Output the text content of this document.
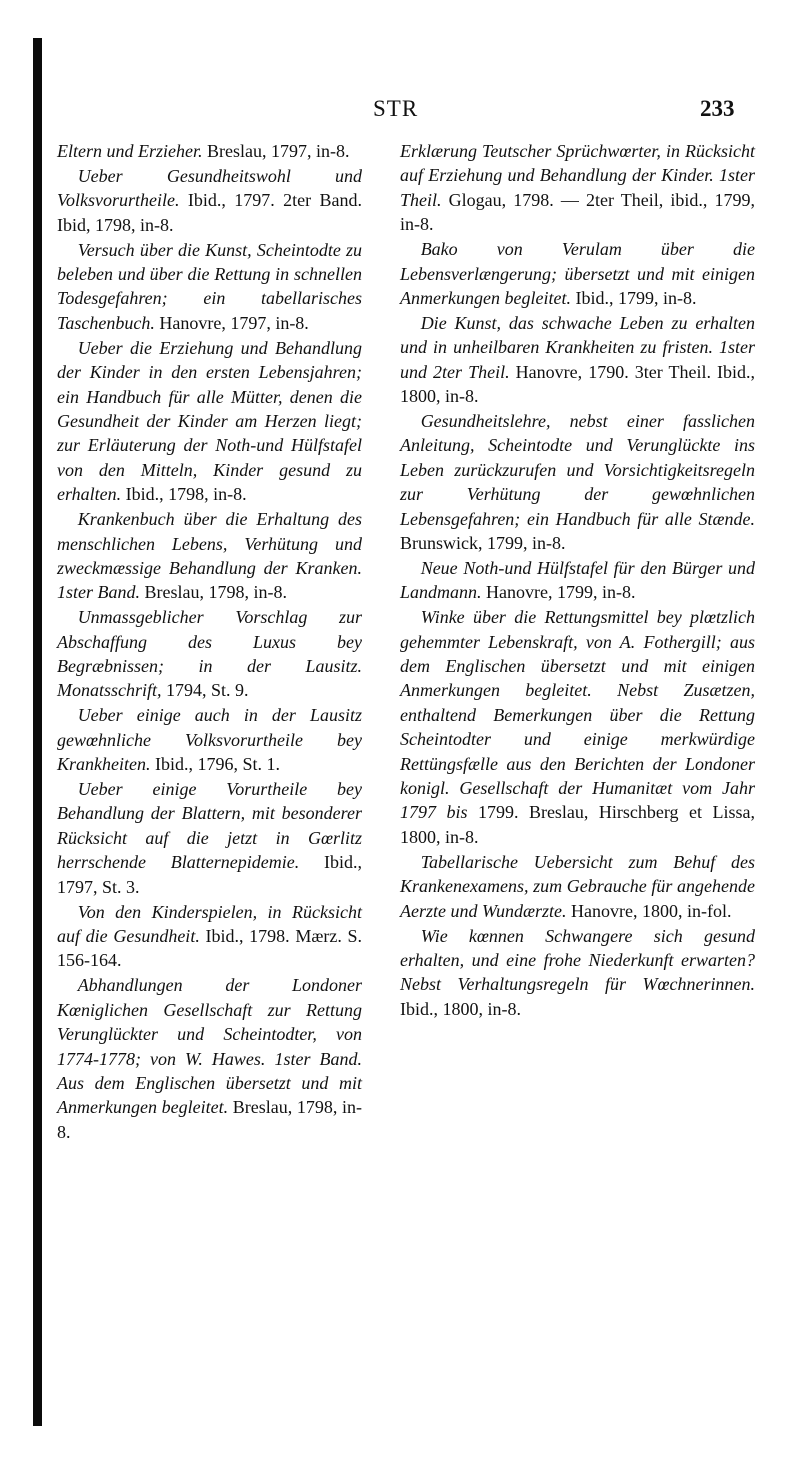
STR	233

Eltern und Erzieher. Breslau, 1797, in-8.

Ueber Gesundheitswohl und Volksvorurtheile. Ibid., 1797. 2ter Band. Ibid, 1798, in-8.

Versuch über die Kunst, Scheintodte zu beleben und über die Rettung in schnellen Todesgefahren; ein tabellarisches Taschenbuch. Hanovre, 1797, in-8.

Ueber die Erziehung und Behandlung der Kinder in den ersten Lebensjahren; ein Handbuch für alle Mütter, denen die Gesundheit der Kinder am Herzen liegt; zur Erläuterung der Noth-und Hülfstafel von den Mitteln, Kinder gesund zu erhalten. Ibid., 1798, in-8.

Krankenbuch über die Erhaltung des menschlichen Lebens, Verhütung und zweckmæssige Behandlung der Kranken. 1ster Band. Breslau, 1798, in-8.

Unmassgeblicher Vorschlag zur Abschaffung des Luxus bey Begræbnissen; in der Lausitz. Monatsschrift, 1794, St. 9.

Ueber einige auch in der Lausitz gewœhnliche Volksvorurtheile bey Krankheiten. Ibid., 1796, St. 1.

Ueber einige Vorurtheile bey Behandlung der Blattern, mit besonderer Rücksicht auf die jetzt in Gœrlitz herrschende Blatternepidemie. Ibid., 1797, St. 3.

Von den Kinderspielen, in Rücksicht auf die Gesundheit. Ibid., 1798. Mærz. S. 156-164.

Abhandlungen der Londoner Kœniglichen Gesellschaft zur Rettung Verunglückter und Scheintodter, von 1774-1778; von W. Hawes. 1ster Band. Aus dem Englischen übersetzt und mit Anmerkungen begleitet. Breslau, 1798, in-8.

Erklærung Teutscher Sprüchwœrter, in Rücksicht auf Erziehung und Behandlung der Kinder. 1ster Theil. Glogau, 1798. — 2ter Theil, ibid., 1799, in-8.

Bako von Verulam über die Lebensverlængerung; übersetzt und mit einigen Anmerkungen begleitet. Ibid., 1799, in-8.

Die Kunst, das schwache Leben zu erhalten und in unheilbaren Krankheiten zu fristen. 1ster und 2ter Theil. Hanovre, 1790. 3ter Theil. Ibid., 1800, in-8.

Gesundheitslehre, nebst einer fasslichen Anleitung, Scheintodte und Verunglückte ins Leben zurückzurufen und Vorsichtigkeitsregeln zur Verhütung der gewœhnlichen Lebensgefahren; ein Handbuch für alle Stænde. Brunswick, 1799, in-8.

Neue Noth-und Hülfstafel für den Bürger und Landmann. Hanovre, 1799, in-8.

Winke über die Rettungsmittel bey plœtzlich gehemmter Lebenskraft, von A. Fothergill; aus dem Englischen übersetzt und mit einigen Anmerkungen begleitet. Nebst Zusætzen, enthaltend Bemerkungen über die Rettung Scheintodter und einige merkwürdige Rettüngsfælle aus den Berichten der Londoner konigl. Gesellschaft der Humanitæt vom Jahr 1797 bis 1799. Breslau, Hirschberg et Lissa, 1800, in-8.

Tabellarische Uebersicht zum Behuf des Krankenexamens, zum Gebrauche für angehende Aerzte und Wundærzte. Hanovre, 1800, in-fol.

Wie kœnnen Schwangere sich gesund erhalten, und eine frohe Niederkunft erwarten? Nebst Verhaltungsregeln für Wœchnerinnen. Ibid., 1800, in-8.
